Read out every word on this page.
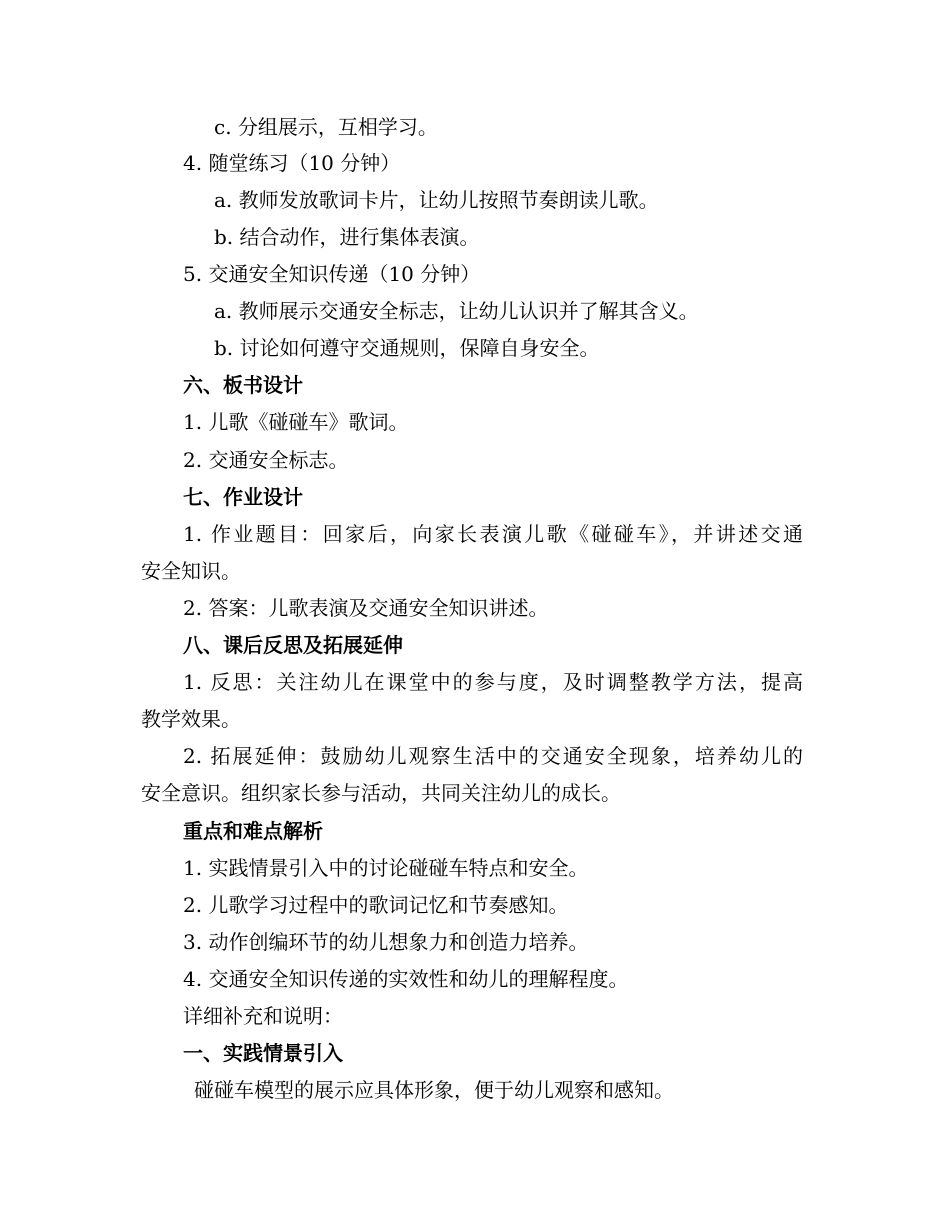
c. 分组展示，互相学习。
4. 随堂练习（10 分钟）
a. 教师发放歌词卡片，让幼儿按照节奏朗读儿歌。
b. 结合动作，进行集体表演。
5. 交通安全知识传递（10 分钟）
a. 教师展示交通安全标志，让幼儿认识并了解其含义。
b. 讨论如何遵守交通规则，保障自身安全。
六、板书设计
1. 儿歌《碰碰车》歌词。
2. 交通安全标志。
七、作业设计
1. 作业题目：回家后，向家长表演儿歌《碰碰车》，并讲述交通
安全知识。
2. 答案：儿歌表演及交通安全知识讲述。
八、课后反思及拓展延伸
1. 反思：关注幼儿在课堂中的参与度，及时调整教学方法，提高
教学效果。
2. 拓展延伸：鼓励幼儿观察生活中的交通安全现象，培养幼儿的
安全意识。组织家长参与活动，共同关注幼儿的成长。
重点和难点解析
1. 实践情景引入中的讨论碰碰车特点和安全。
2. 儿歌学习过程中的歌词记忆和节奏感知。
3. 动作创编环节的幼儿想象力和创造力培养。
4. 交通安全知识传递的实效性和幼儿的理解程度。
详细补充和说明：
一、实践情景引入
碰碰车模型的展示应具体形象，便于幼儿观察和感知。
